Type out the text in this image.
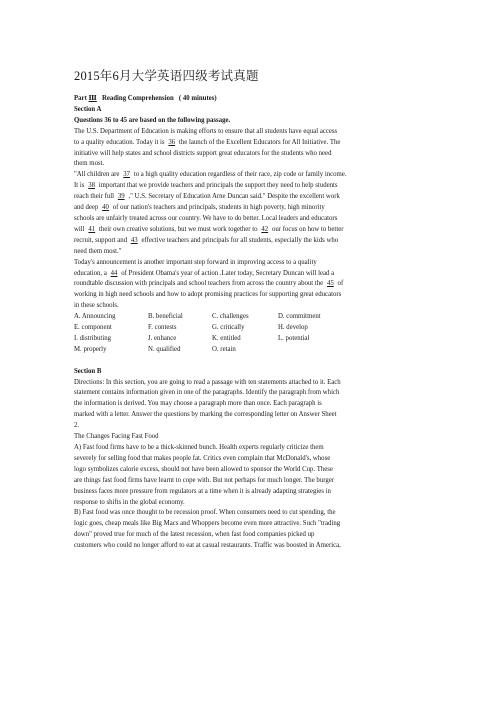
2015年6月大学英语四级考试真题

Part Ⅲ Reading Comprehension ( 40 minutes)

Section A

Questions 36 to 45 are based on the following passage.

The U.S. Department of Education is making efforts to ensure that all students have equal access

to a quality education. Today it is 36 the launch of the Excellent Educators for All Initiative. The

initiative will help states and school districts support great educators for the students who need

them most.

"All children are 37 to a high quality education regardless of their race, zip code or family income.

It is 38 important that we provide teachers and principals the support they need to help students

reach their full 39 ," U.S. Secretary of Education Arne Duncan said." Despite the excellent work

and deep 40 of our nation's teachers and principals, students in high poverty, high minority

schools are unfairly treated across our country. We have to do better. Local leaders and educators

will 41 their own creative solutions, but we must work together to 42 our focus on how to better

recruit, support and 43 effective teachers and principals for all students, especially the kids who

need them most."

Today's announcement is another important step forward in improving access to a quality

education, a 44 of President Obama's year of action .Later today, Secretary Duncan will lead a

roundtable discussion with principals and school teachers from across the country about the 45 of

working in high need schools and how to adopt promising practices for supporting great educators

in these schools.

A. Announcing	B. beneficial	C. challenges	D. commitment
E. component	F. contests	G. critically	H. develop
I. distributing	J. enhance	K. entitled	L. potential
M. properly	N. qualified	O. retain

Section B

Directions: In this section, you are going to read a passage with ten statements attached to it. Each

statement contains information given in one of the paragraphs. Identify the paragraph from which

the information is derived. You may choose a paragraph more than once. Each paragraph is

marked with a letter. Answer the questions by marking the corresponding letter on Answer Sheet

2.

The Changes Facing Fast Food

A) Fast food firms have to be a thick-skinned bunch. Health experts regularly criticize them

severely for selling food that makes people fat. Critics even complain that McDonald's, whose

logo symbolizes calorie excess, should not have been allowed to sponsor the World Cup. These

are things fast food firms have learnt to cope with. But not perhaps for much longer. The burger

business faces more pressure from regulators at a time when it is already adapting strategies in

response to shifts in the global economy.

B) Fast food was once thought to be recession proof. When consumers need to cut spending, the

logic goes, cheap meals like Big Macs and Whoppers become even more attractive. Such "trading

down" proved true for much of the latest recession, when fast food companies picked up

customers who could no longer afford to eat at casual restaurants. Traffic was boosted in America,
